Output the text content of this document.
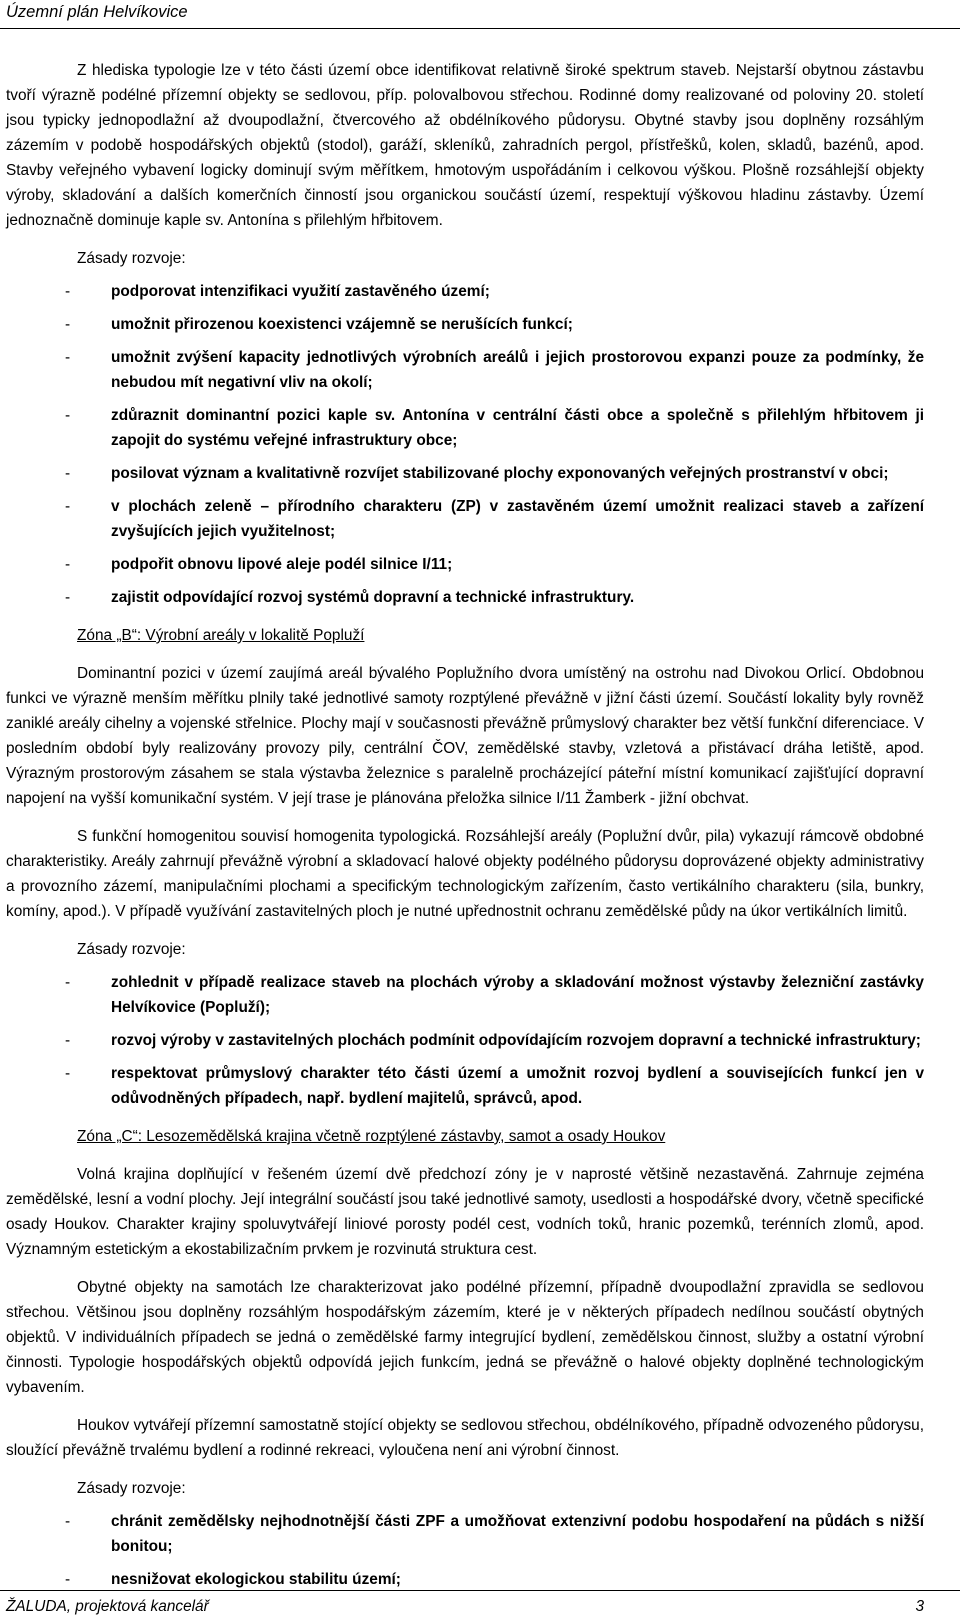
Územní plán Helvíkovice

Z hlediska typologie lze v této části území obce identifikovat relativně široké spektrum staveb. Nejstarší obytnou zástavbu tvoří výrazně podélné přízemní objekty se sedlovou, příp. polovalbovou střechou. Rodinné domy realizované od poloviny 20. století jsou typicky jednopodlažní až dvoupodlažní, čtvercového až obdélníkového půdorysu. Obytné stavby jsou doplněny rozsáhlým zázemím v podobě hospodářských objektů (stodol), garáží, skleníků, zahradních pergol, přístřešků, kolen, skladů, bazénů, apod. Stavby veřejného vybavení logicky dominují svým měřítkem, hmotovým uspořádáním i celkovou výškou. Plošně rozsáhlejší objekty výroby, skladování a dalších komerčních činností jsou organickou součástí území, respektují výškovou hladinu zástavby. Území jednoznačně dominuje kaple sv. Antonína s přilehlým hřbitovem.

Zásady rozvoje:

-	podporovat intenzifikaci využití zastavěného území;
-	umožnit přirozenou koexistenci vzájemně se nerušících funkcí;
-	umožnit zvýšení kapacity jednotlivých výrobních areálů i jejich prostorovou expanzi pouze za podmínky, že nebudou mít negativní vliv na okolí;
-	zdůraznit dominantní pozici kaple sv. Antonína v centrální části obce a společně s přilehlým hřbitovem ji zapojit do systému veřejné infrastruktury obce;
-	posilovat význam a kvalitativně rozvíjet stabilizované plochy exponovaných veřejných prostranství v obci;
-	v plochách zeleně – přírodního charakteru (ZP) v zastavěném území umožnit realizaci staveb a zařízení zvyšujících jejich využitelnost;
-	podpořit obnovu lipové aleje podél silnice I/11;
-	zajistit odpovídající rozvoj systémů dopravní a technické infrastruktury.

Zóna „B“: Výrobní areály v lokalitě Popluží

Dominantní pozici v území zaujímá areál bývalého Poplužního dvora umístěný na ostrohu nad Divokou Orlicí. Obdobnou funkci ve výrazně menším měřítku plnily také jednotlivé samoty rozptýlené převážně v jižní části území. Součástí lokality byly rovněž zaniklé areály cihelny a vojenské střelnice. Plochy mají v současnosti převážně průmyslový charakter bez větší funkční diferenciace. V posledním období byly realizovány provozy pily, centrální ČOV, zemědělské stavby, vzletová a přistávací dráha letiště, apod. Výrazným prostorovým zásahem se stala výstavba železnice s paralelně procházející páteřní místní komunikací zajišťující dopravní napojení na vyšší komunikační systém. V její trase je plánována přeložka silnice I/11 Žamberk - jižní obchvat.

S funkční homogenitou souvisí homogenita typologická. Rozsáhlejší areály (Poplužní dvůr, pila) vykazují rámcově obdobné charakteristiky. Areály zahrnují převážně výrobní a skladovací halové objekty podélného půdorysu doprovázené objekty administrativy a provozního zázemí, manipulačními plochami a specifickým technologickým zařízením, často vertikálního charakteru (sila, bunkry, komíny, apod.). V případě využívání zastavitelných ploch je nutné upřednostnit ochranu zemědělské půdy na úkor vertikálních limitů.

Zásady rozvoje:

-	zohlednit v případě realizace staveb na plochách výroby a skladování možnost výstavby železniční zastávky Helvíkovice (Popluží);
-	rozvoj výroby v zastavitelných plochách podmínit odpovídajícím rozvojem dopravní a technické infrastruktury;
-	respektovat průmyslový charakter této části území a umožnit rozvoj bydlení a souvisejících funkcí jen v odůvodněných případech, např. bydlení majitelů, správců, apod.

Zóna „C“: Lesozemědělská krajina včetně rozptýlené zástavby, samot a osady Houkov

Volná krajina doplňující v řešeném území dvě předchozí zóny je v naprosté většině nezastavěná. Zahrnuje zejména zemědělské, lesní a vodní plochy. Její integrální součástí jsou také jednotlivé samoty, usedlosti a hospodářské dvory, včetně specifické osady Houkov. Charakter krajiny spoluvytvářejí liniové porosty podél cest, vodních toků, hranic pozemků, terénních zlomů, apod. Významným estetickým a ekostabilizačním prvkem je rozvinutá struktura cest.

Obytné objekty na samotách lze charakterizovat jako podélné přízemní, případně dvoupodlažní zpravidla se sedlovou střechou. Většinou jsou doplněny rozsáhlým hospodářským zázemím, které je v některých případech nedílnou součástí obytných objektů. V individuálních případech se jedná o zemědělské farmy integrující bydlení, zemědělskou činnost, služby a ostatní výrobní činnosti. Typologie hospodářských objektů odpovídá jejich funkcím, jedná se převážně o halové objekty doplněné technologickým vybavením.

Houkov vytvářejí přízemní samostatně stojící objekty se sedlovou střechou, obdélníkového, případně odvozeného půdorysu, sloužící převážně trvalému bydlení a rodinné rekreaci, vyloučena není ani výrobní činnost.

Zásady rozvoje:

-	chránit zemědělsky nejhodnotnější části ZPF a umožňovat extenzivní podobu hospodaření na půdách s nižší bonitou;
-	nesnižovat ekologickou stabilitu území;
ŽALUDA, projektová kancelář	3
